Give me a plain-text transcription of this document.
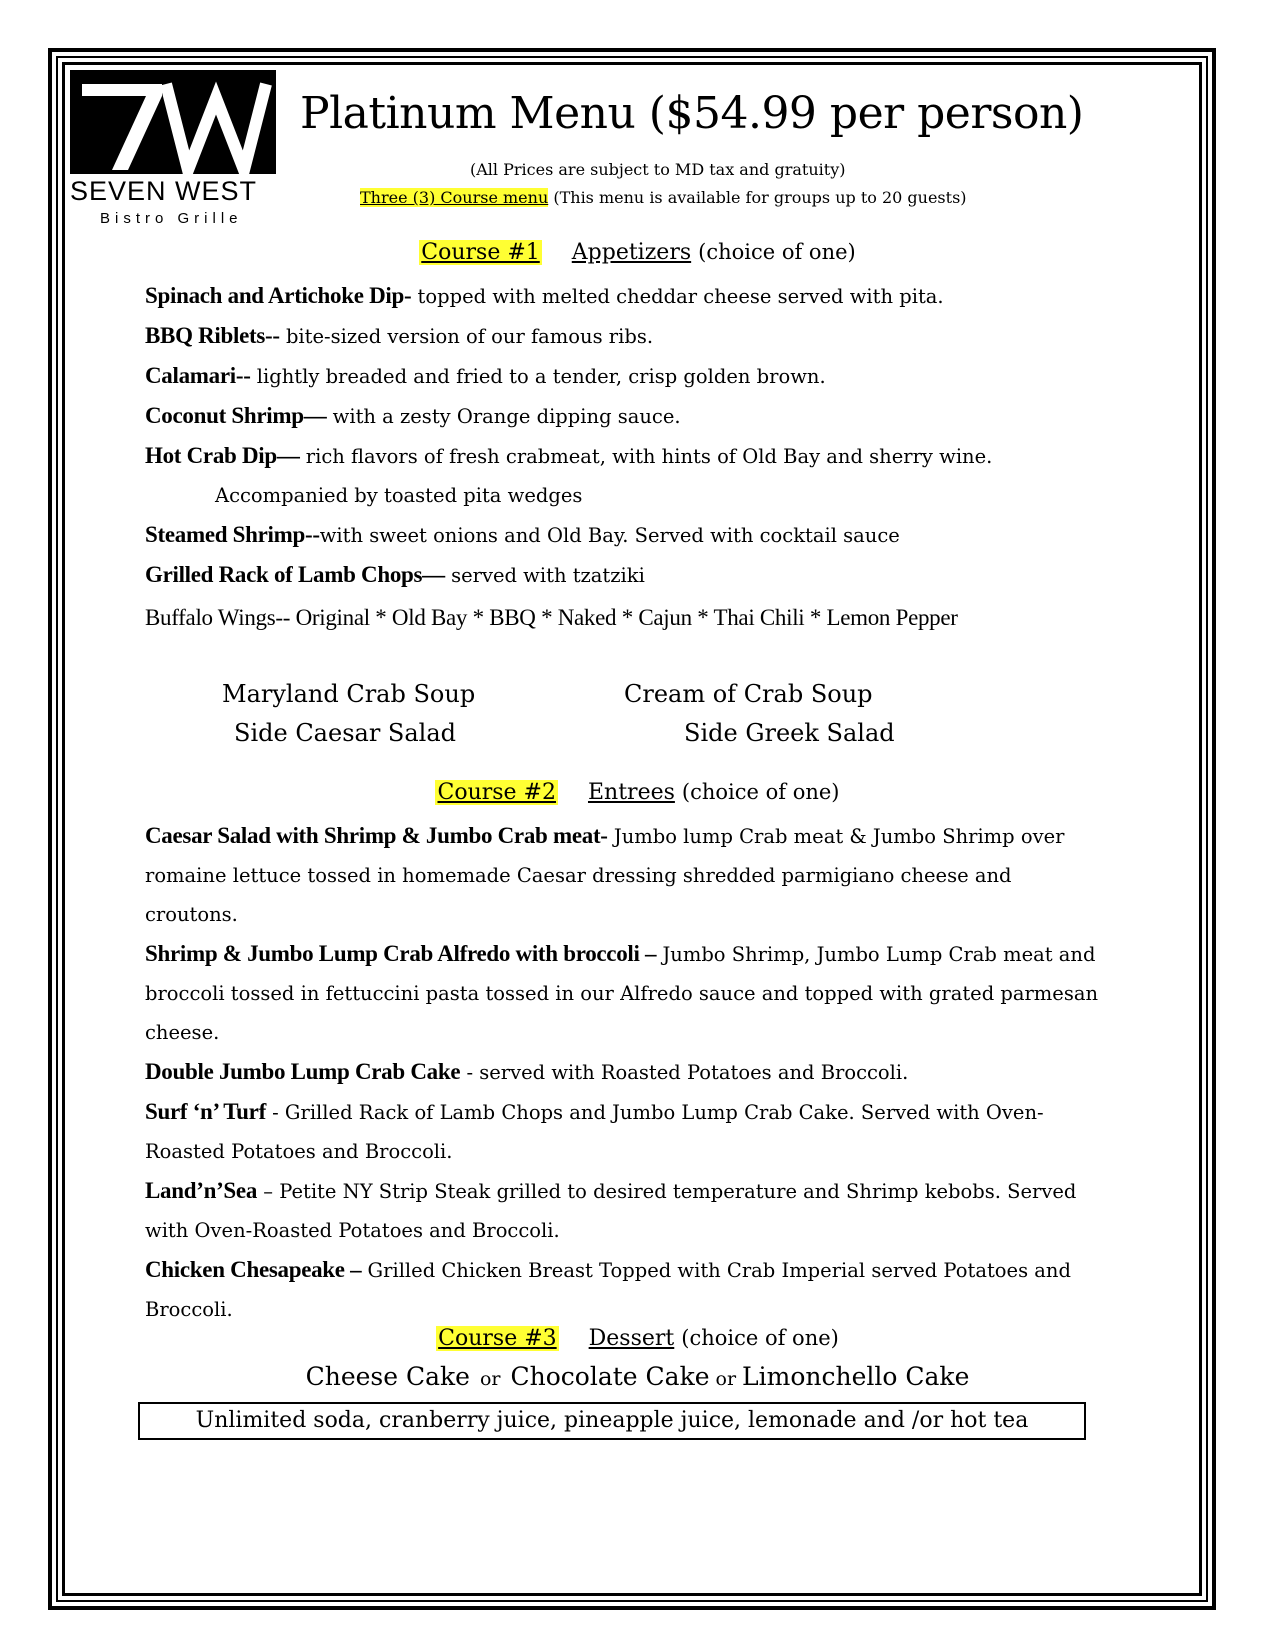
SEVEN WEST
Bistro Grille
Platinum Menu ($54.99 per person)
(All Prices are subject to MD tax and gratuity)
Three (3) Course menu (This menu is available for groups up to 20 guests)
Course #1 Appetizers (choice of one)
Spinach and Artichoke Dip- topped with melted cheddar cheese served with pita.
BBQ Riblets-- bite-sized version of our famous ribs.
Calamari-- lightly breaded and fried to a tender, crisp golden brown.
Coconut Shrimp— with a zesty Orange dipping sauce.
Hot Crab Dip— rich flavors of fresh crabmeat, with hints of Old Bay and sherry wine.
Accompanied by toasted pita wedges
Steamed Shrimp--with sweet onions and Old Bay. Served with cocktail sauce
Grilled Rack of Lamb Chops— served with tzatziki
Buffalo Wings-- Original * Old Bay * BBQ * Naked * Cajun * Thai Chili * Lemon Pepper
Maryland Crab Soup	Cream of Crab Soup
Side Caesar Salad	Side Greek Salad
Course #2 Entrees (choice of one)
Caesar Salad with Shrimp & Jumbo Crab meat- Jumbo lump Crab meat & Jumbo Shrimp over romaine lettuce tossed in homemade Caesar dressing shredded parmigiano cheese and croutons.
Shrimp & Jumbo Lump Crab Alfredo with broccoli – Jumbo Shrimp, Jumbo Lump Crab meat and broccoli tossed in fettuccini pasta tossed in our Alfredo sauce and topped with grated parmesan cheese.
Double Jumbo Lump Crab Cake - served with Roasted Potatoes and Broccoli.
Surf ‘n’ Turf - Grilled Rack of Lamb Chops and Jumbo Lump Crab Cake. Served with Oven-Roasted Potatoes and Broccoli.
Land’n’Sea – Petite NY Strip Steak grilled to desired temperature and Shrimp kebobs. Served with Oven-Roasted Potatoes and Broccoli.
Chicken Chesapeake – Grilled Chicken Breast Topped with Crab Imperial served Potatoes and Broccoli.
Course #3 Dessert (choice of one)
Cheese Cake or Chocolate Cake or Limonchello Cake
Unlimited soda, cranberry juice, pineapple juice, lemonade and /or hot tea
